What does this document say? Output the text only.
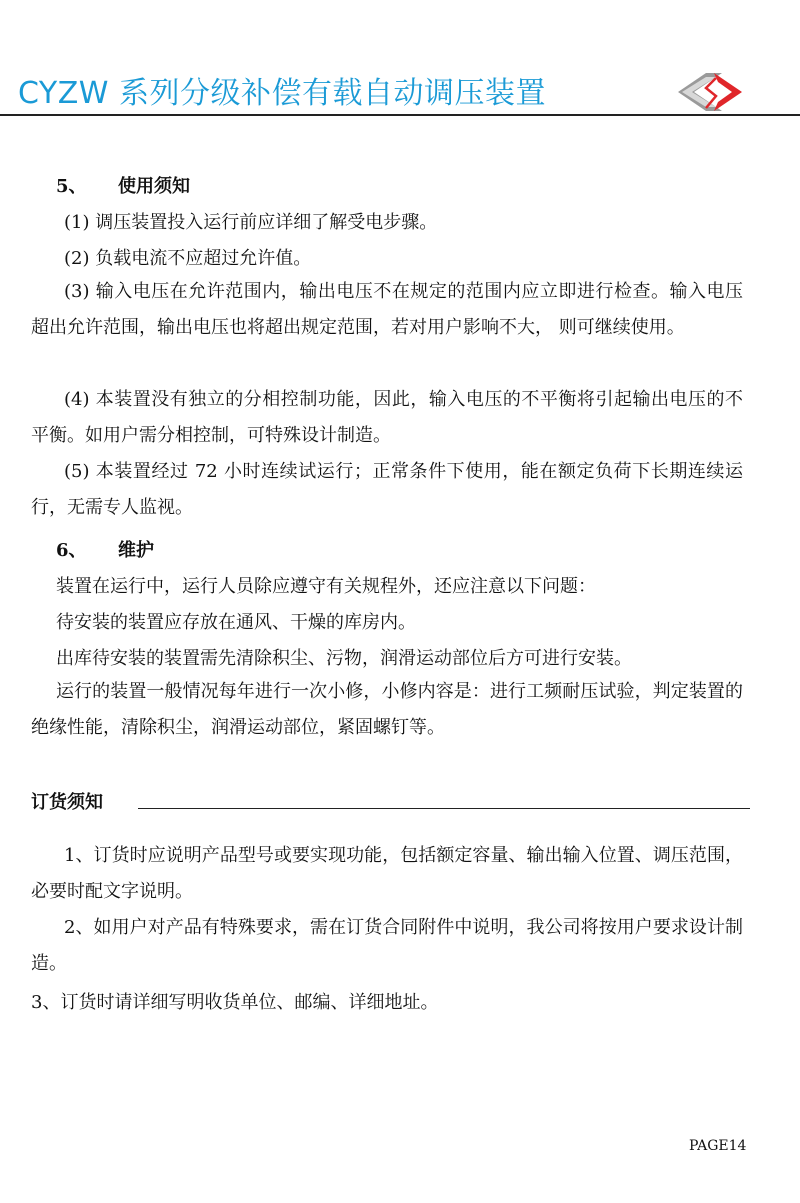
CYZW 系列分级补偿有载自动调压装置
5、 使用须知
(1) 调压装置投入运行前应详细了解受电步骤。
(2) 负载电流不应超过允许值。
(3) 输入电压在允许范围内，输出电压不在规定的范围内应立即进行检查。输入电压超出允许范围，输出电压也将超出规定范围，若对用户影响不大， 则可继续使用。
(4) 本装置没有独立的分相控制功能，因此，输入电压的不平衡将引起输出电压的不平衡。如用户需分相控制，可特殊设计制造。
(5) 本装置经过 72 小时连续试运行；正常条件下使用，能在额定负荷下长期连续运行，无需专人监视。
6、 维护
装置在运行中，运行人员除应遵守有关规程外，还应注意以下问题：
待安装的装置应存放在通风、干燥的库房内。
出库待安装的装置需先清除积尘、污物，润滑运动部位后方可进行安装。
运行的装置一般情况每年进行一次小修，小修内容是：进行工频耐压试验，判定装置的绝缘性能，清除积尘，润滑运动部位，紧固螺钉等。
订货须知
1、订货时应说明产品型号或要实现功能，包括额定容量、输出输入位置、调压范围，必要时配文字说明。
2、如用户对产品有特殊要求，需在订货合同附件中说明，我公司将按用户要求设计制造。
3、订货时请详细写明收货单位、邮编、详细地址。
PAGE14
